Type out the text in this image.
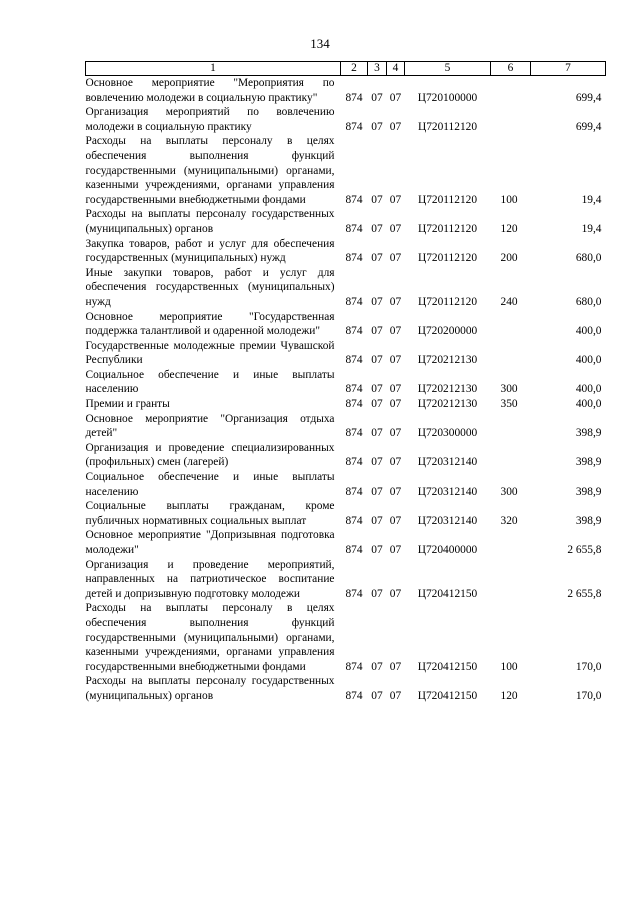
134
1	2	3	4	5	6	7
Основное мероприятие "Мероприятия по вовлечению молодежи в социальную практику"	874	07	07	Ц720100000		699,4
Организация мероприятий по вовлечению молодежи в социальную практику	874	07	07	Ц720112120		699,4
Расходы на выплаты персоналу в целях обеспечения выполнения функций государственными (муниципальными) органами, казенными учреждениями, органами управления государственными внебюджетными фондами	874	07	07	Ц720112120	100	19,4
Расходы на выплаты персоналу государственных (муниципальных) органов	874	07	07	Ц720112120	120	19,4
Закупка товаров, работ и услуг для обеспечения государственных (муниципальных) нужд	874	07	07	Ц720112120	200	680,0
Иные закупки товаров, работ и услуг для обеспечения государственных (муниципальных) нужд	874	07	07	Ц720112120	240	680,0
Основное мероприятие "Государственная поддержка талантливой и одаренной молодежи"	874	07	07	Ц720200000		400,0
Государственные молодежные премии Чувашской Республики	874	07	07	Ц720212130		400,0
Социальное обеспечение и иные выплаты населению	874	07	07	Ц720212130	300	400,0
Премии и гранты	874	07	07	Ц720212130	350	400,0
Основное мероприятие "Организация отдыха детей"	874	07	07	Ц720300000		398,9
Организация и проведение специализированных (профильных) смен (лагерей)	874	07	07	Ц720312140		398,9
Социальное обеспечение и иные выплаты населению	874	07	07	Ц720312140	300	398,9
Социальные выплаты гражданам, кроме публичных нормативных социальных выплат	874	07	07	Ц720312140	320	398,9
Основное мероприятие "Допризывная подготовка молодежи"	874	07	07	Ц720400000		2 655,8
Организация и проведение мероприятий, направленных на патриотическое воспитание детей и допризывную подготовку молодежи	874	07	07	Ц720412150		2 655,8
Расходы на выплаты персоналу в целях обеспечения выполнения функций государственными (муниципальными) органами, казенными учреждениями, органами управления государственными внебюджетными фондами	874	07	07	Ц720412150	100	170,0
Расходы на выплаты персоналу государственных (муниципальных) органов	874	07	07	Ц720412150	120	170,0
